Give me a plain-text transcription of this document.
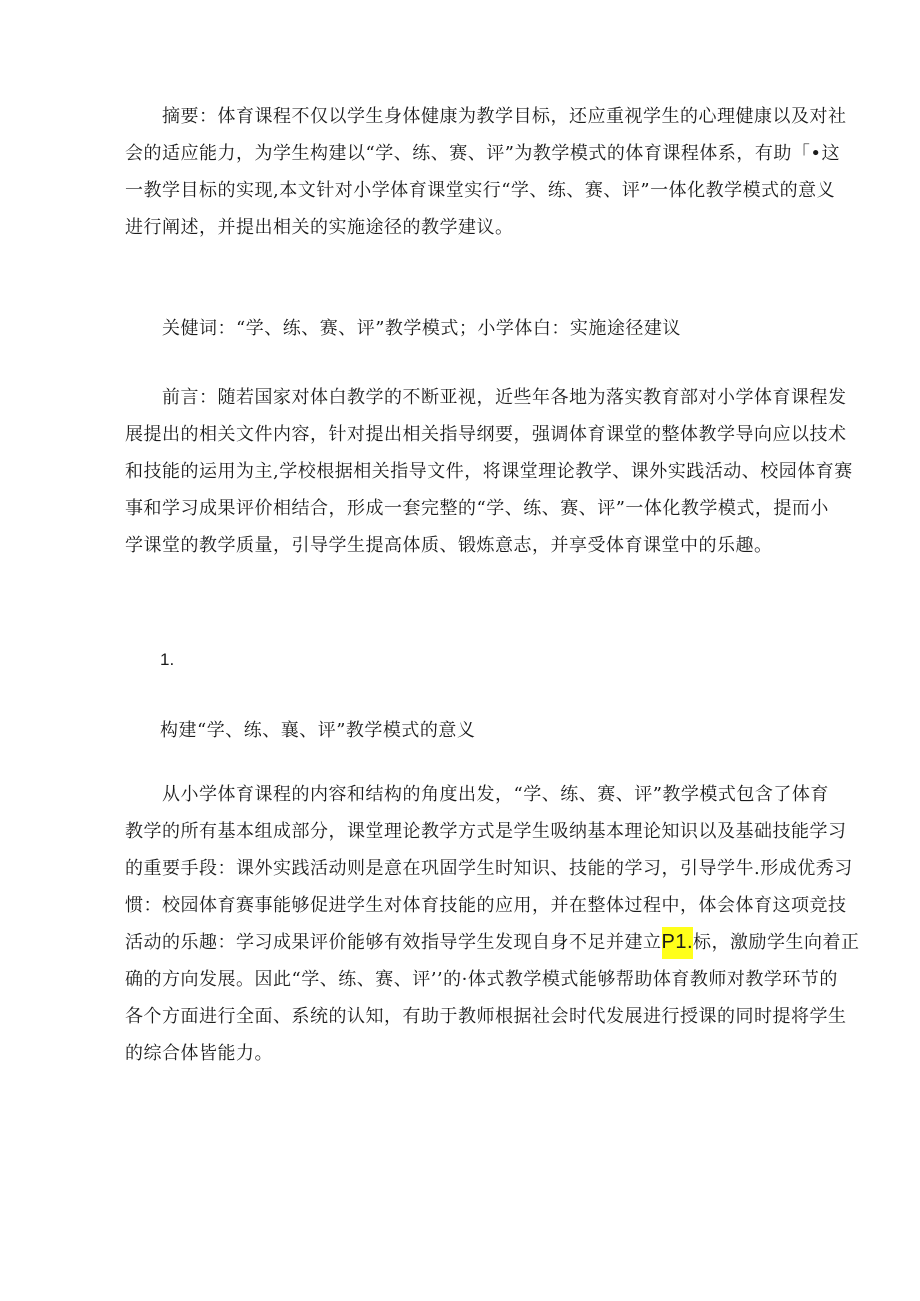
摘要：体育课程不仅以学生身体健康为教学目标，还应重视学生的心理健康以及对社
会的适应能力，为学生构建以“学、练、赛、评”为教学模式的体育课程体系，有助「•这
一教学目标的实现,本文针对小学体育课堂实行“学、练、赛、评”一体化教学模式的意义
进行阐述，并提出相关的实施途径的教学建议。

关健词：“学、练、赛、评”教学模式；小学体白：实施途径建议

前言：随若国家对体白教学的不断亚视，近些年各地为落实教育部对小学体育课程发
展提出的相关文件内容，针对提出相关指导纲要，强调体育课堂的整体教学导向应以技术
和技能的运用为主,学校根据相关指导文件，将课堂理论教学、课外实践活动、校园体育赛
事和学习成果评价相结合，形成一套完整的“学、练、赛、评”一体化教学模式，提而小
学课堂的教学质量，引导学生提高体质、锻炼意志，并享受体育课堂中的乐趣。

1.
构建“学、练、襄、评”教学模式的意义

从小学体育课程的内容和结构的角度出发，“学、练、赛、评”教学模式包含了体育
教学的所有基本组成部分，课堂理论教学方式是学生吸纳基本理论知识以及基础技能学习
的重要手段：课外实践活动则是意在巩固学生时知识、技能的学习，引导学牛.形成优秀习
惯：校园体育赛事能够促进学生对体育技能的应用，并在整体过程中，体会体育这项竞技
活动的乐趣：学习成果评价能够有效指导学生发现自身不足并建立P1.标，激励学生向着正
确的方向发展。因此“学、练、赛、评’’的·体式教学模式能够帮助体育教师对教学环节的
各个方面进行全面、系统的认知，有助于教师根据社会时代发展进行授课的同时提将学生
的综合体皆能力。
